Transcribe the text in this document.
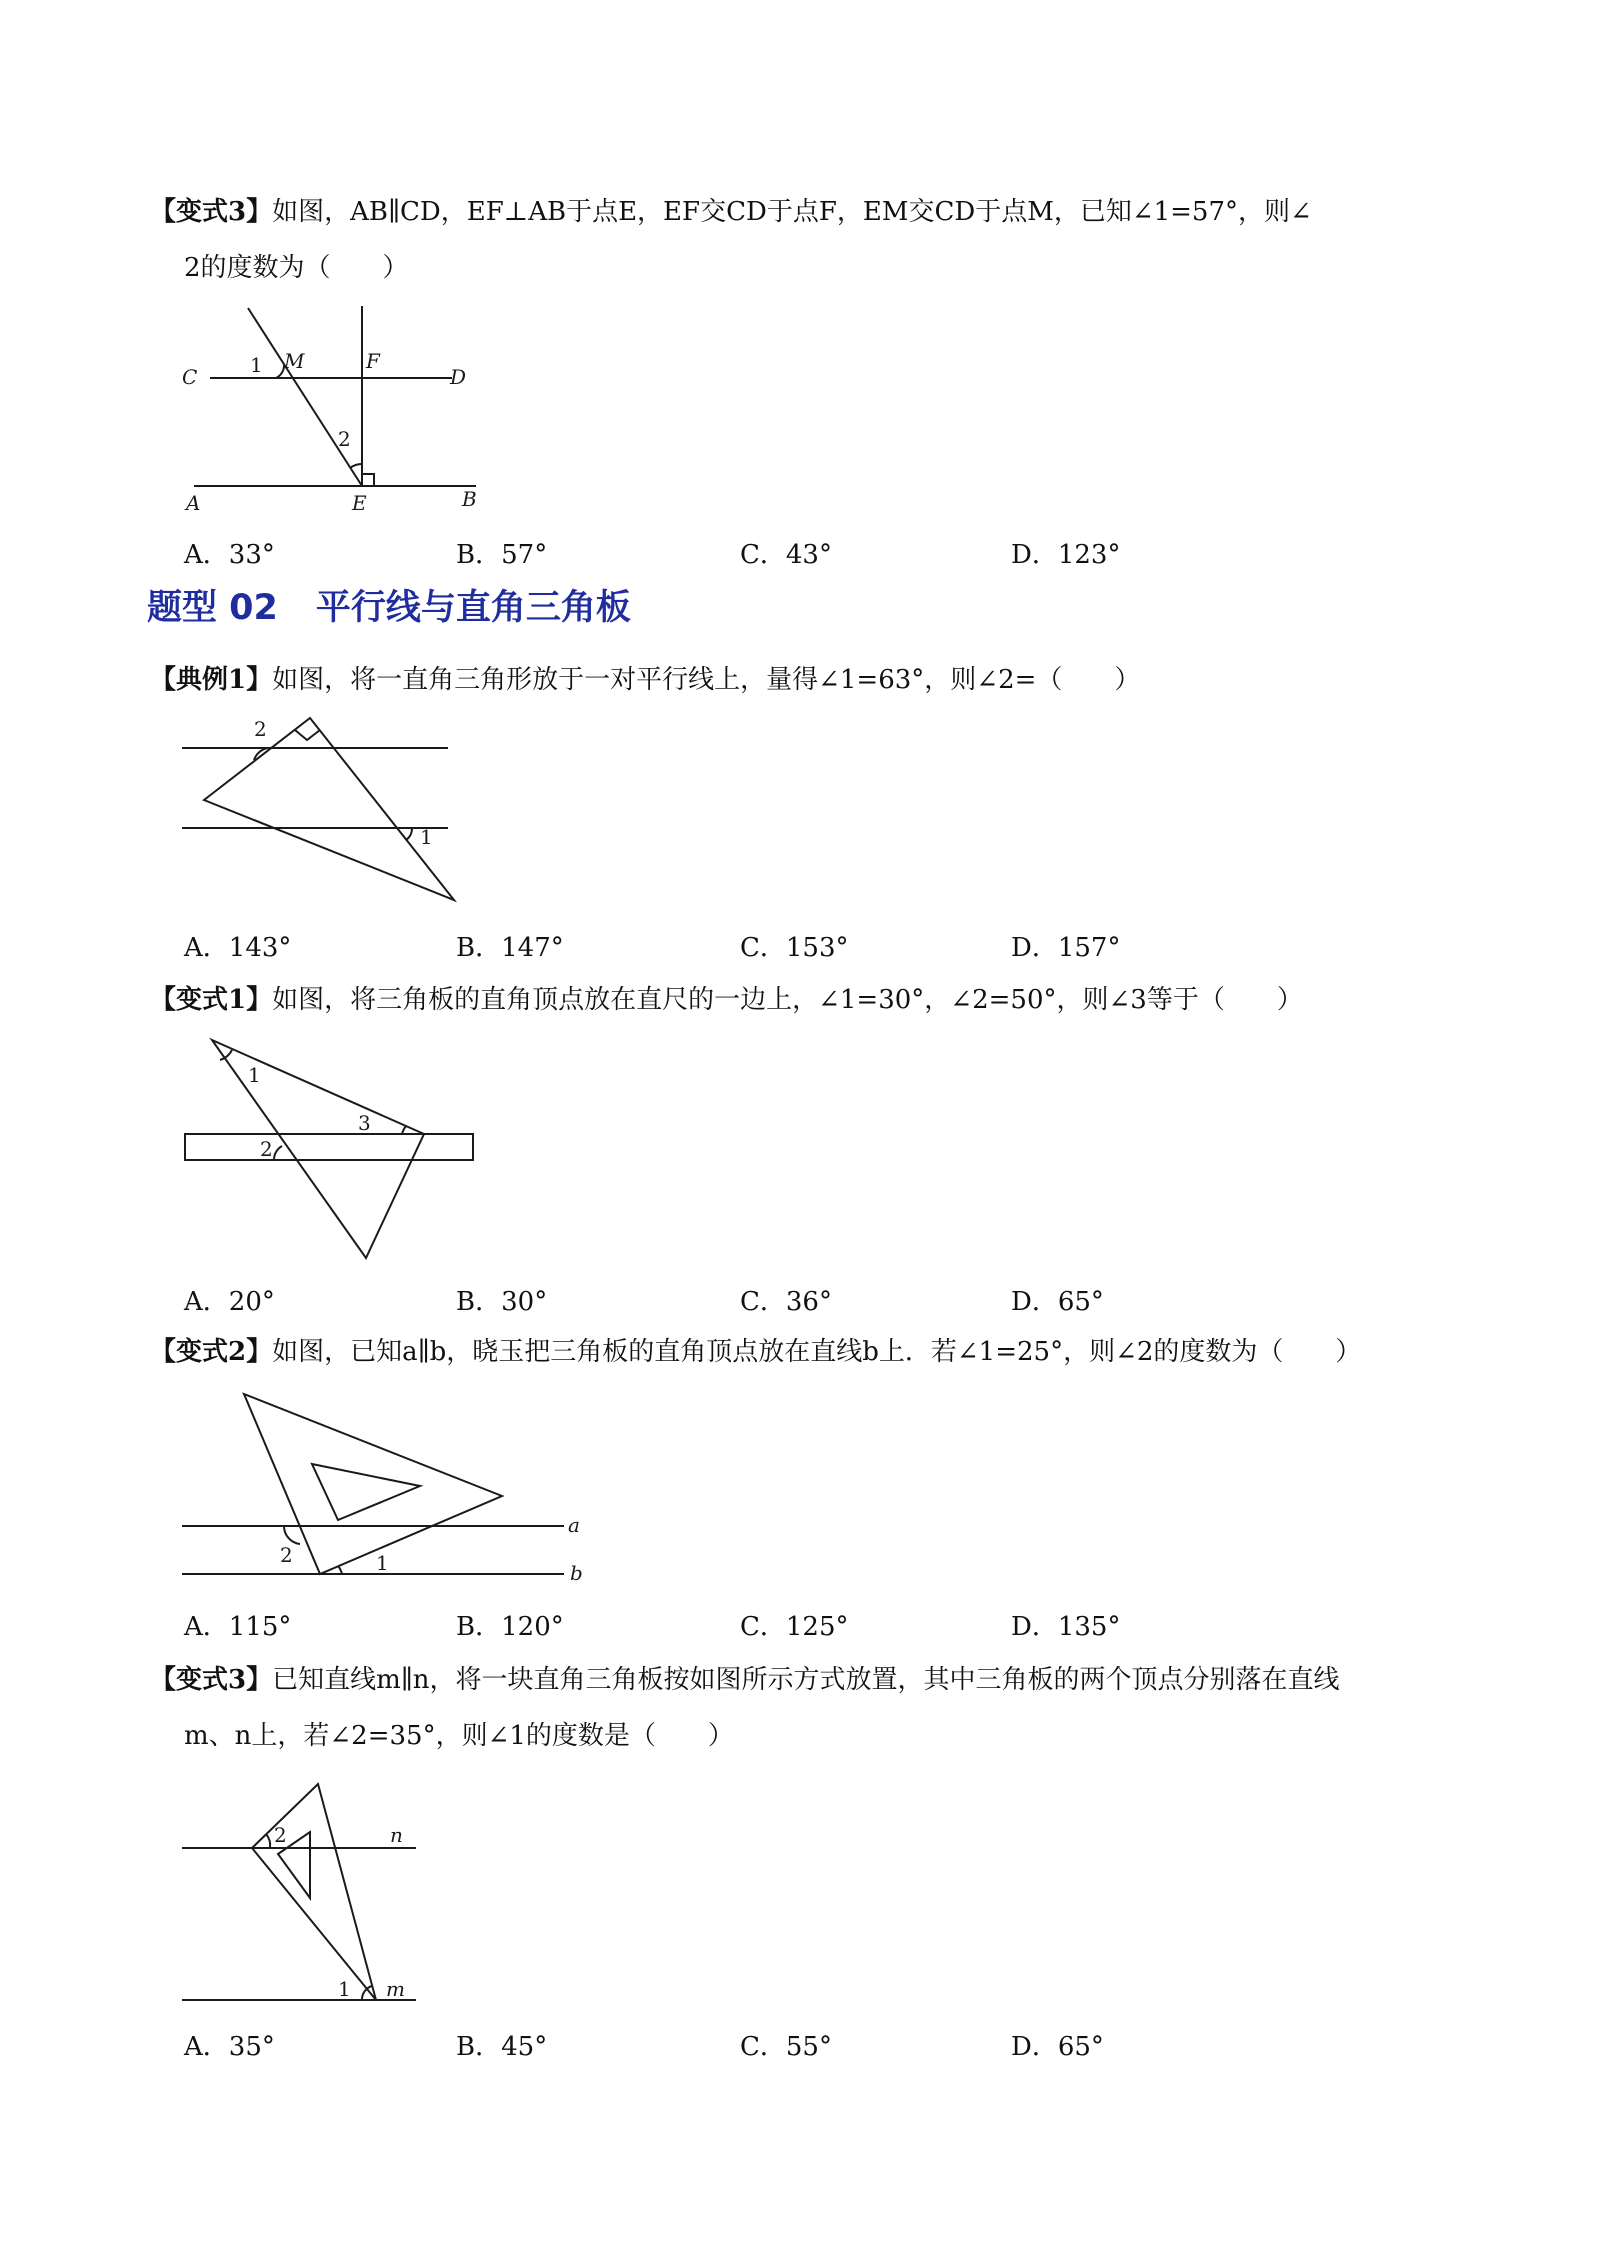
【变式3】如图，AB∥CD，EF⊥AB于点E，EF交CD于点F，EM交CD于点M，已知∠1=57°，则∠
2的度数为（　　）
C	D
A	E	B
F
M
1
2
A．33°	B．57°	C．43°	D．123°
题型 02 平行线与直角三角板
【典例1】如图，将一直角三角形放于一对平行线上，量得∠1=63°，则∠2=（　　）
2
1
A．143°	B．147°	C．153°	D．157°
【变式1】如图，将三角板的直角顶点放在直尺的一边上，∠1=30°，∠2=50°，则∠3等于（　　）
1
3
2
A．20°	B．30°	C．36°	D．65°
【变式2】如图，已知a∥b，晓玉把三角板的直角顶点放在直线b上．若∠1=25°，则∠2的度数为（　　）
2	1
a
b
A．115°	B．120°	C．125°	D．135°
【变式3】已知直线m∥n，将一块直角三角板按如图所示方式放置，其中三角板的两个顶点分别落在直线
m、n上，若∠2=35°，则∠1的度数是（　　）
2	n
1 m
A．35°	B．45°	C．55°	D．65°
